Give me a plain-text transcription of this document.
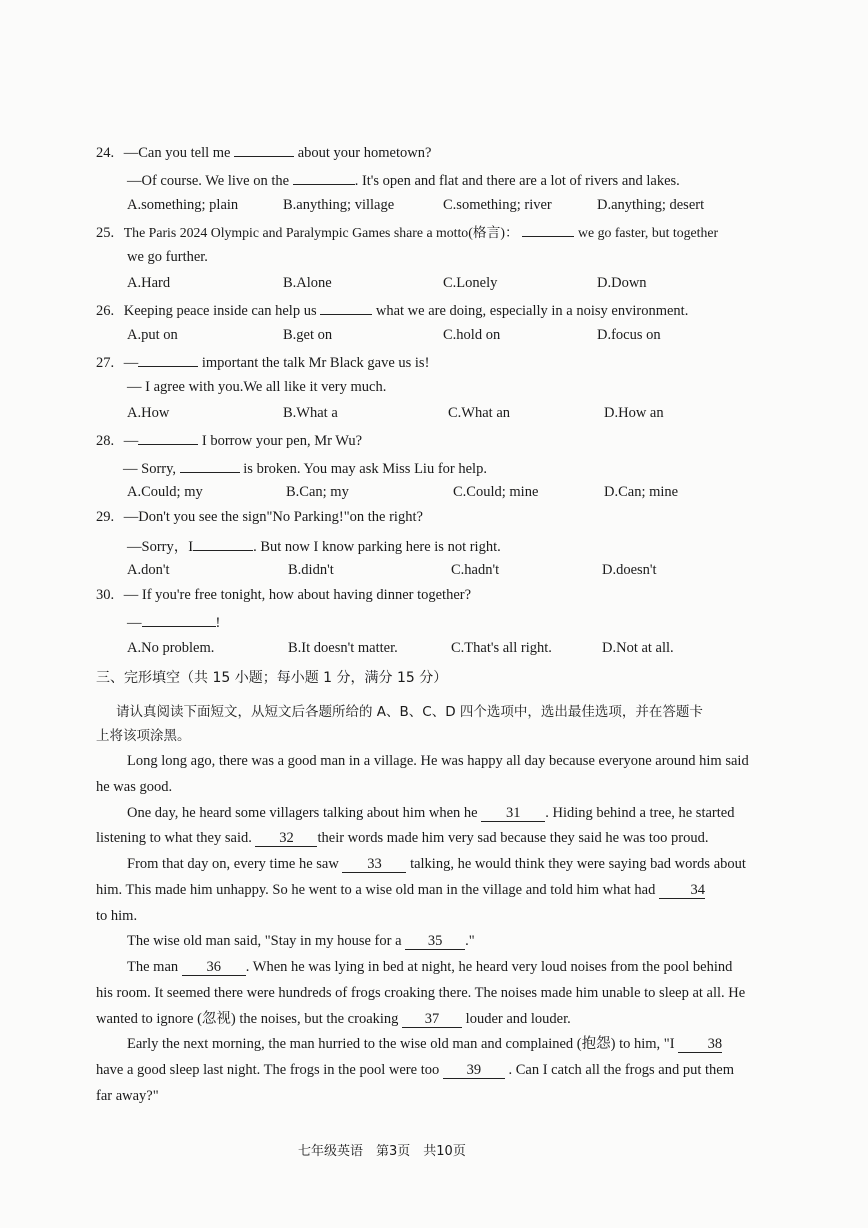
24. —Can you tell me	about your hometown?
—Of course. We live on the	. It's open and flat and there are a lot of rivers and lakes.
A.something; plain	B.anything; village	C.something; river	D.anything; desert
25. The Paris 2024 Olympic and Paralympic Games share a motto(格言)：	we go faster, but together
we go further.
A.Hard	B.Alone	C.Lonely	D.Down
26. Keeping peace inside can help us	what we are doing, especially in a noisy environment.
A.put on	B.get on	C.hold on	D.focus on
27. —	important the talk Mr Black gave us is!
— I agree with you.We all like it very much.
A.How	B.What a	C.What an	D.How an
28. —	I borrow your pen, Mr Wu?
— Sorry,	is broken. You may ask Miss Liu for help.
A.Could; my	B.Can; my	C.Could; mine	D.Can; mine
29. —Don't you see the sign"No Parking!"on the right?
—Sorry，I	. But now I know parking here is not right.
A.don't	B.didn't	C.hadn't	D.doesn't
30. — If you're free tonight, how about having dinner together?
—	!
A.No problem.	B.It doesn't matter.	C.That's all right.	D.Not at all.
三、完形填空（共 15 小题；每小题 1 分，满分 15 分）
请认真阅读下面短文，从短文后各题所给的 A、B、C、D 四个选项中，选出最佳选项，并在答题卡
上将该项涂黑。
Long long ago, there was a good man in a village. He was happy all day because everyone around him said
he was good.
One day, he heard some villagers talking about him when he 31 . Hiding behind a tree, he started
listening to what they said. 32 their words made him very sad because they said he was too proud.
From that day on, every time he saw 33 talking, he would think they were saying bad words about
him. This made him unhappy. So he went to a wise old man in the village and told him what had 34
to him.
The wise old man said, "Stay in my house for a 35 ."
The man 36 . When he was lying in bed at night, he heard very loud noises from the pool behind
his room. It seemed there were hundreds of frogs croaking there. The noises made him unable to sleep at all. He
wanted to ignore (忽视) the noises, but the croaking 37 louder and louder.
Early the next morning, the man hurried to the wise old man and complained (抱怨) to him, "I 38
have a good sleep last night. The frogs in the pool were too 39 . Can I catch all the frogs and put them
far away?"
七年级英语　第3页　共10页
